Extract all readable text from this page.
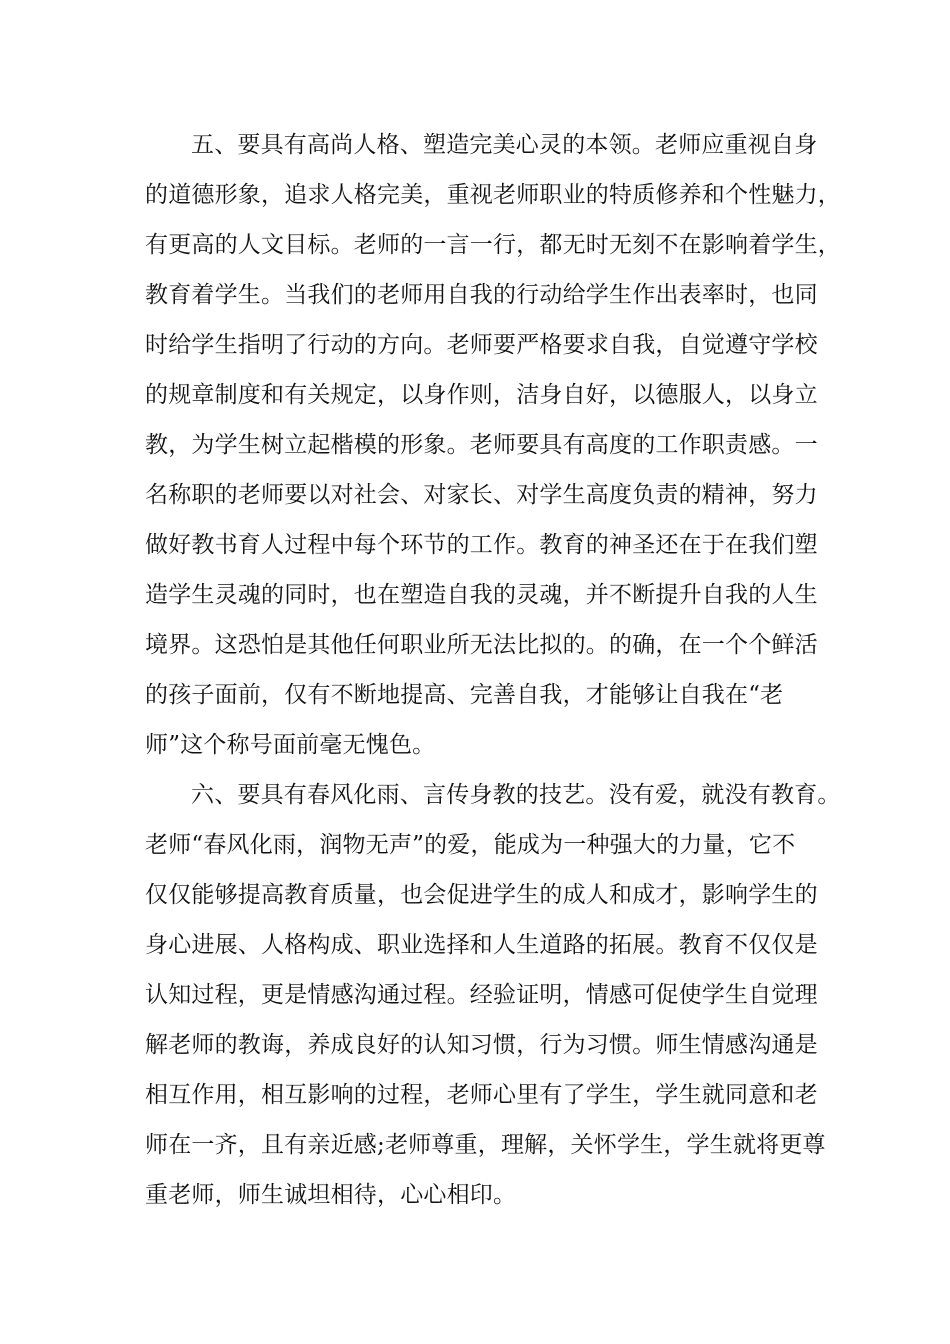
五、要具有高尚人格、塑造完美心灵的本领。老师应重视自身
的道德形象，追求人格完美，重视老师职业的特质修养和个性魅力，
有更高的人文目标。老师的一言一行，都无时无刻不在影响着学生，
教育着学生。当我们的老师用自我的行动给学生作出表率时，也同
时给学生指明了行动的方向。老师要严格要求自我，自觉遵守学校
的规章制度和有关规定，以身作则，洁身自好，以德服人，以身立
教，为学生树立起楷模的形象。老师要具有高度的工作职责感。一
名称职的老师要以对社会、对家长、对学生高度负责的精神，努力
做好教书育人过程中每个环节的工作。教育的神圣还在于在我们塑
造学生灵魂的同时，也在塑造自我的灵魂，并不断提升自我的人生
境界。这恐怕是其他任何职业所无法比拟的。的确，在一个个鲜活
的孩子面前，仅有不断地提高、完善自我，才能够让自我在“老
师”这个称号面前毫无愧色。
六、要具有春风化雨、言传身教的技艺。没有爱，就没有教育。
老师“春风化雨，润物无声”的爱，能成为一种强大的力量，它不
仅仅能够提高教育质量，也会促进学生的成人和成才，影响学生的
身心进展、人格构成、职业选择和人生道路的拓展。教育不仅仅是
认知过程，更是情感沟通过程。经验证明，情感可促使学生自觉理
解老师的教诲，养成良好的认知习惯，行为习惯。师生情感沟通是
相互作用，相互影响的过程，老师心里有了学生，学生就同意和老
师在一齐，且有亲近感;老师尊重，理解，关怀学生，学生就将更尊
重老师，师生诚坦相待，心心相印。
